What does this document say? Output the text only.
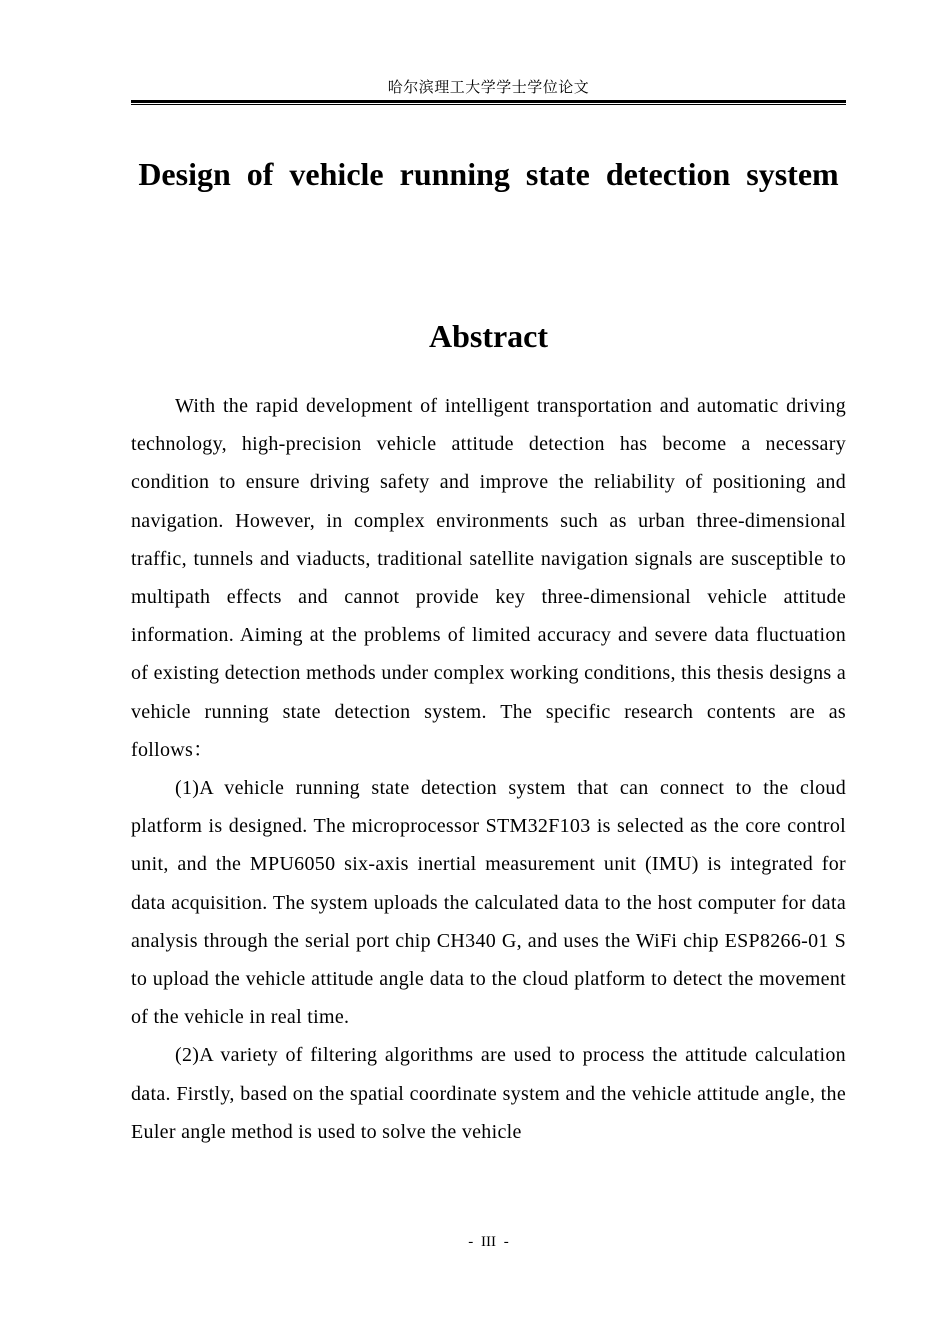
哈尔滨理工大学学士学位论文
Design of vehicle running state detection system
Abstract

With the rapid development of intelligent transportation and automatic driving technology, high-precision vehicle attitude detection has become a necessary condition to ensure driving safety and improve the reliability of positioning and navigation. However, in complex environments such as urban three-dimensional traffic, tunnels and viaducts, traditional satellite navigation signals are susceptible to multipath effects and cannot provide key three-dimensional vehicle attitude information. Aiming at the problems of limited accuracy and severe data fluctuation of existing detection methods under complex working conditions, this thesis designs a vehicle running state detection system. The specific research contents are as follows：

(1)A vehicle running state detection system that can connect to the cloud platform is designed. The microprocessor STM32F103 is selected as the core control unit, and the MPU6050 six-axis inertial measurement unit (IMU) is integrated for data acquisition. The system uploads the calculated data to the host computer for data analysis through the serial port chip CH340 G, and uses the WiFi chip ESP8266-01 S to upload the vehicle attitude angle data to the cloud platform to detect the movement of the vehicle in real time.

(2)A variety of filtering algorithms are used to process the attitude calculation data. Firstly, based on the spatial coordinate system and the vehicle attitude angle, the Euler angle method is used to solve the vehicle

- III -
